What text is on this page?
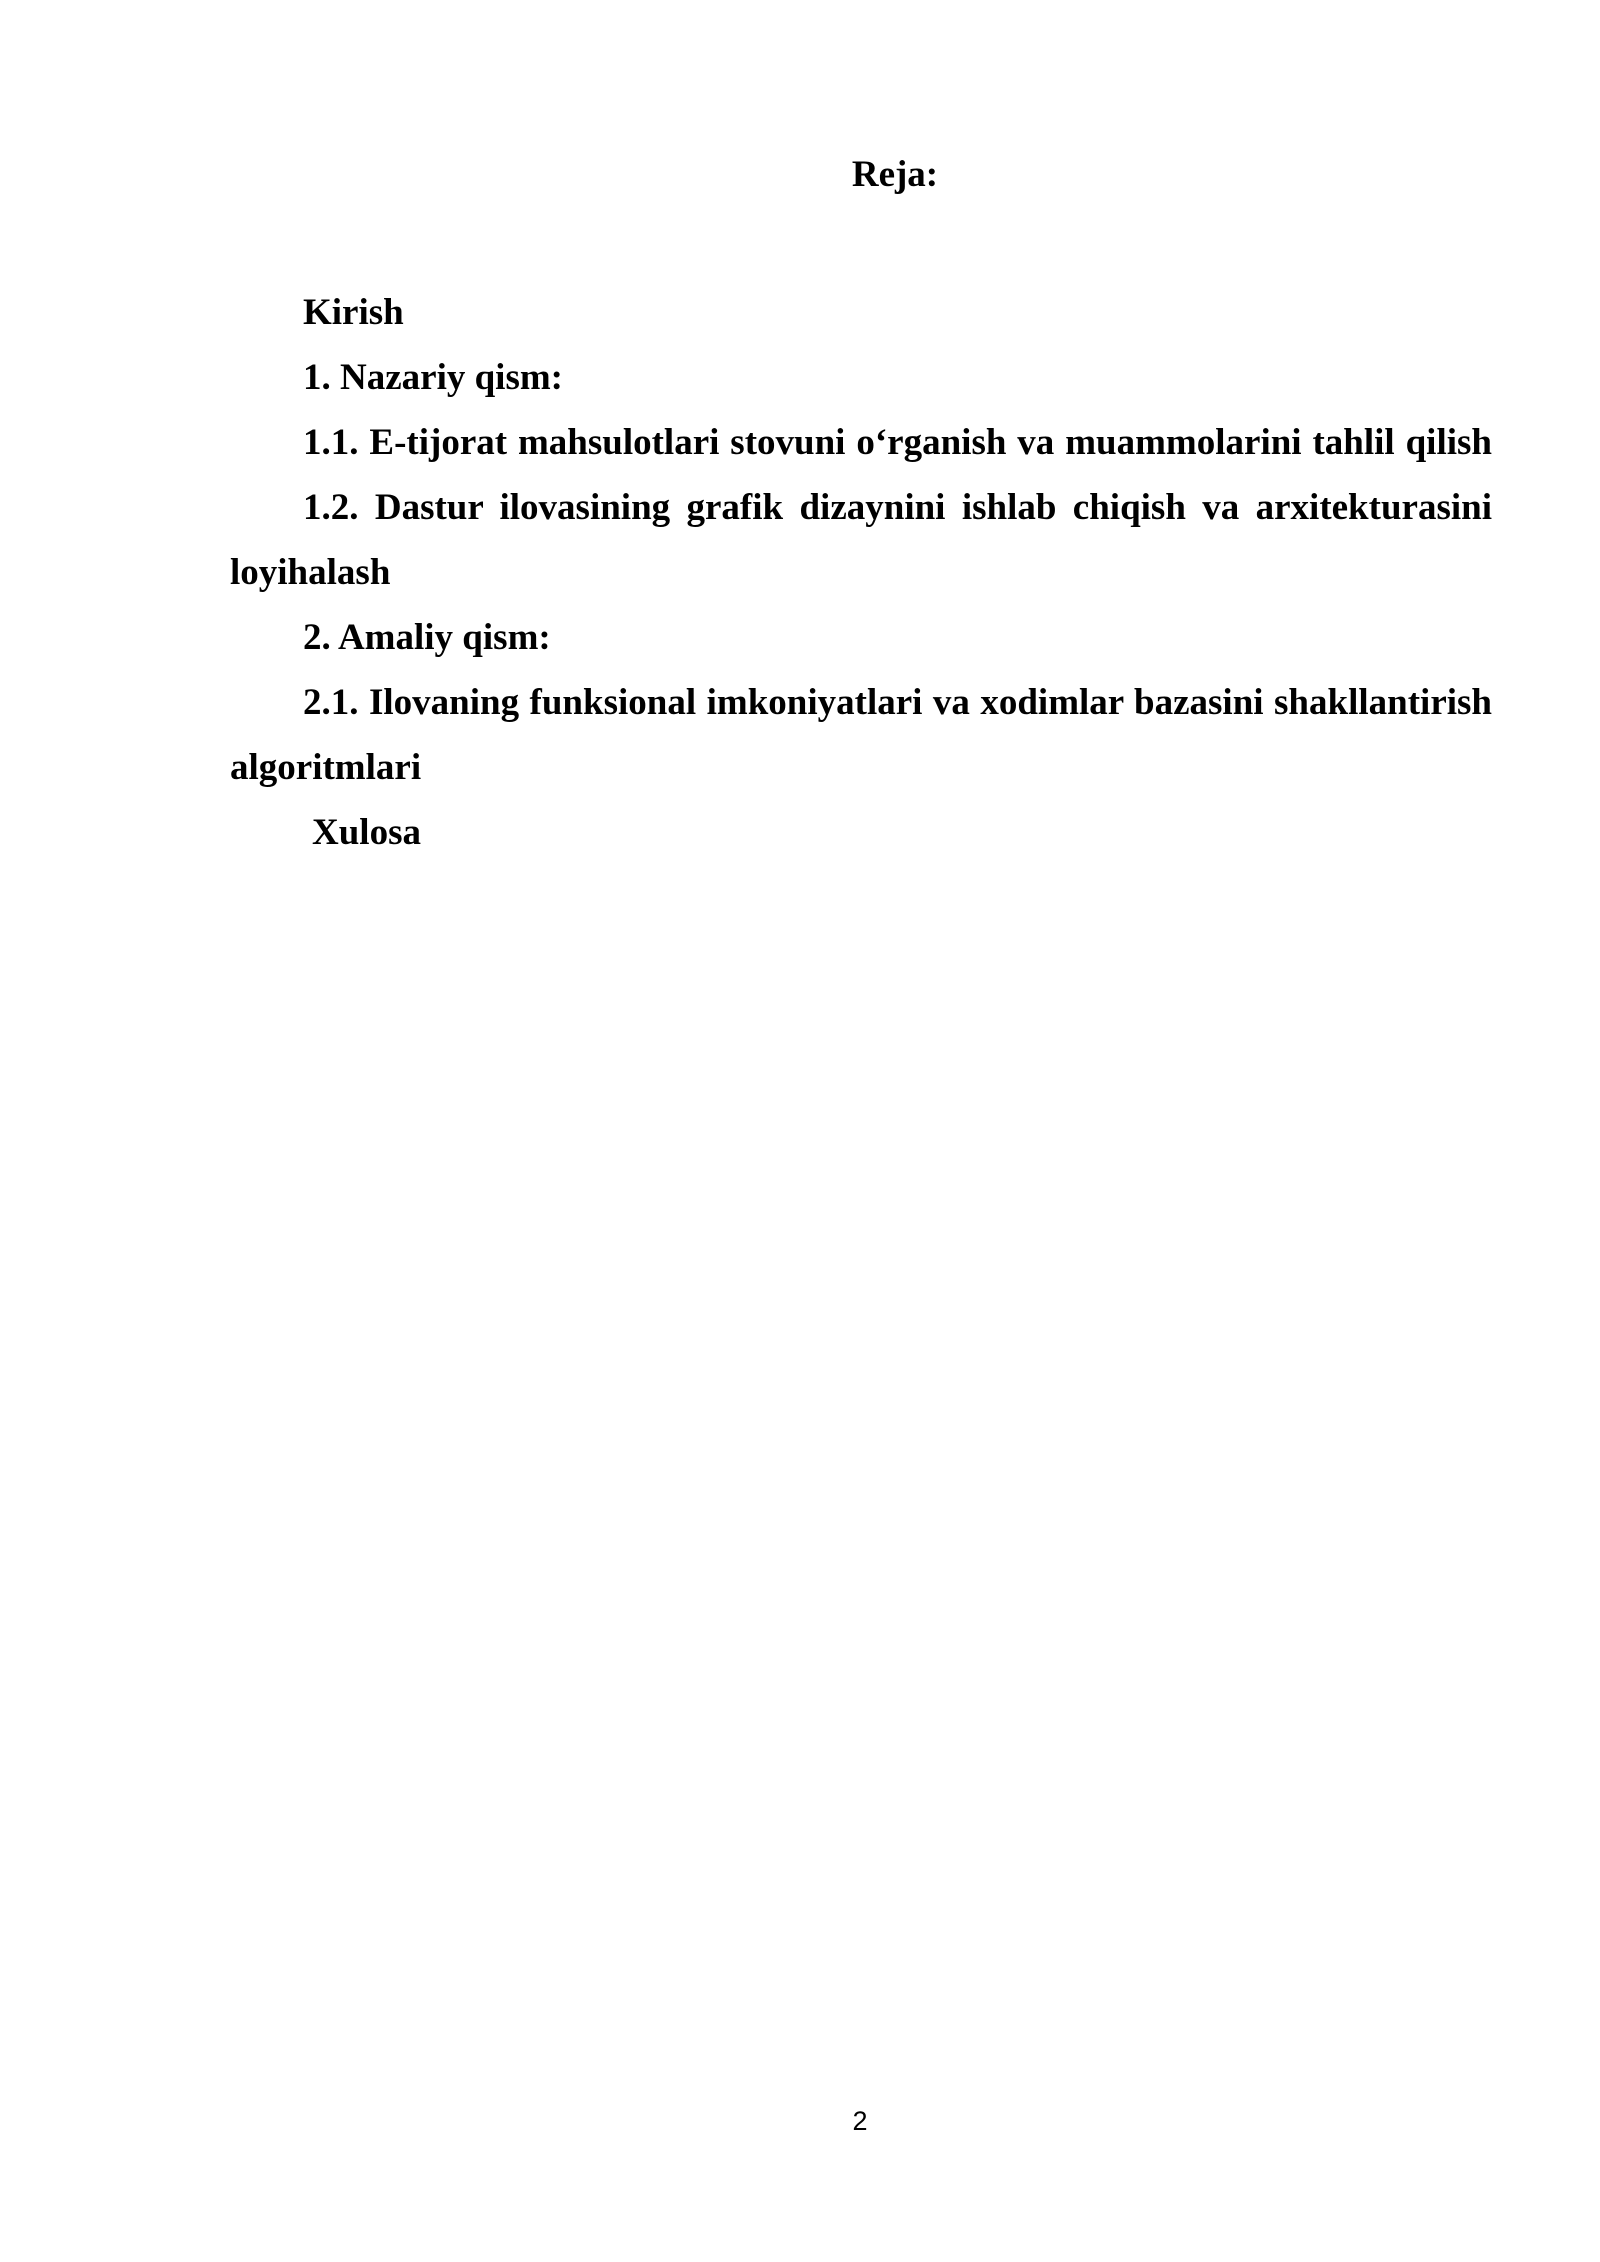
Reja:

Kirish

1. Nazariy qism:

1.1. E-tijorat mahsulotlari stovuni o‘rganish va muammolarini tahlil qilish

1.2. Dastur ilovasining grafik dizaynini ishlab chiqish va arxitekturasini loyihalash

2. Amaliy qism:

2.1. Ilovaning funksional imkoniyatlari va xodimlar bazasini shakllantirish algoritmlari

Xulosa

2
